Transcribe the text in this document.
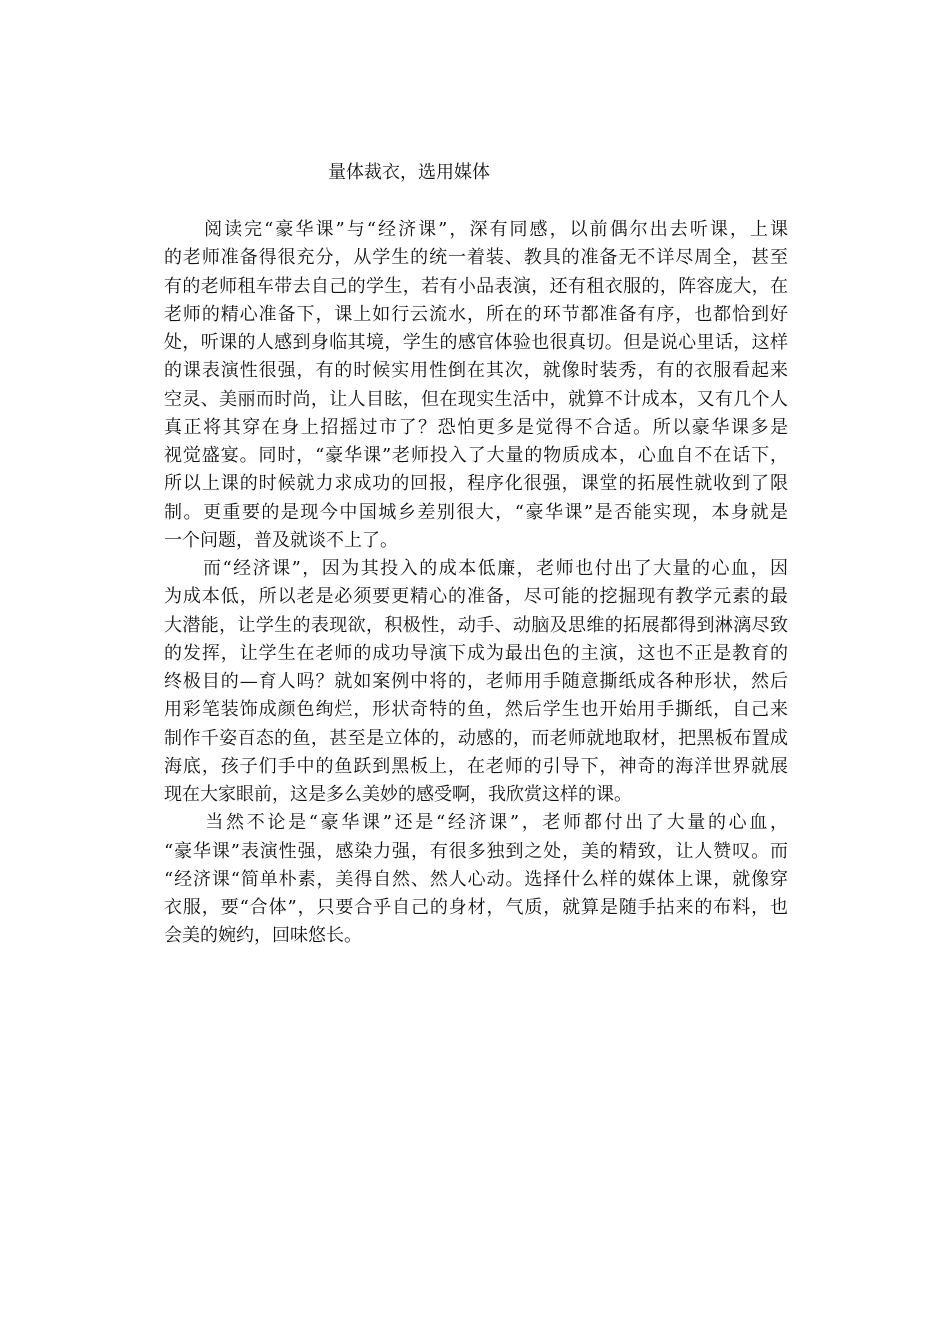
量体裁衣，选用媒体
　　阅读完“豪华课”与“经济课”，深有同感，以前偶尔出去听课，上课
的老师准备得很充分，从学生的统一着装、教具的准备无不详尽周全，甚至
有的老师租车带去自己的学生，若有小品表演，还有租衣服的，阵容庞大，在
老师的精心准备下，课上如行云流水，所在的环节都准备有序，也都恰到好
处，听课的人感到身临其境，学生的感官体验也很真切。但是说心里话，这样
的课表演性很强，有的时候实用性倒在其次，就像时装秀，有的衣服看起来
空灵、美丽而时尚，让人目眩，但在现实生活中，就算不计成本，又有几个人
真正将其穿在身上招摇过市了？恐怕更多是觉得不合适。所以豪华课多是
视觉盛宴。同时，“豪华课”老师投入了大量的物质成本，心血自不在话下，
所以上课的时候就力求成功的回报，程序化很强，课堂的拓展性就收到了限
制。更重要的是现今中国城乡差别很大，“豪华课”是否能实现，本身就是
一个问题，普及就谈不上了。
　　而“经济课”，因为其投入的成本低廉，老师也付出了大量的心血，因
为成本低，所以老是必须要更精心的准备，尽可能的挖掘现有教学元素的最
大潜能，让学生的表现欲，积极性，动手、动脑及思维的拓展都得到淋漓尽致
的发挥，让学生在老师的成功导演下成为最出色的主演，这也不正是教育的
终极目的—育人吗？就如案例中将的，老师用手随意撕纸成各种形状，然后
用彩笔装饰成颜色绚烂，形状奇特的鱼，然后学生也开始用手撕纸，自己来
制作千姿百态的鱼，甚至是立体的，动感的，而老师就地取材，把黑板布置成
海底，孩子们手中的鱼跃到黑板上，在老师的引导下，神奇的海洋世界就展
现在大家眼前，这是多么美妙的感受啊，我欣赏这样的课。
　　当然不论是“豪华课”还是“经济课”，老师都付出了大量的心血，
“豪华课”表演性强，感染力强，有很多独到之处，美的精致，让人赞叹。而
“经济课“简单朴素，美得自然、然人心动。选择什么样的媒体上课，就像穿
衣服，要“合体”，只要合乎自己的身材，气质，就算是随手拈来的布料，也
会美的婉约，回味悠长。
